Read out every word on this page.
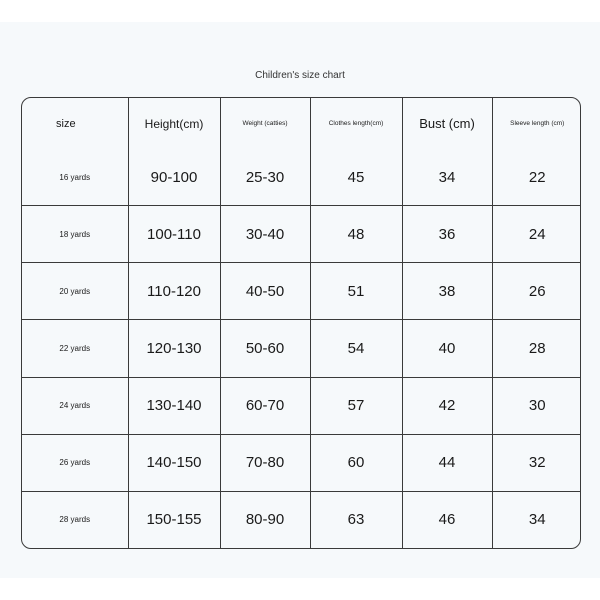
Children's size chart
size	Height(cm)	Weight (catties)	Clothes length(cm)	Bust (cm)	Sleeve length (cm)
16 yards	90-100	25-30	45	34	22
18 yards	100-110	30-40	48	36	24
20 yards	110-120	40-50	51	38	26
22 yards	120-130	50-60	54	40	28
24 yards	130-140	60-70	57	42	30
26 yards	140-150	70-80	60	44	32
28 yards	150-155	80-90	63	46	34
